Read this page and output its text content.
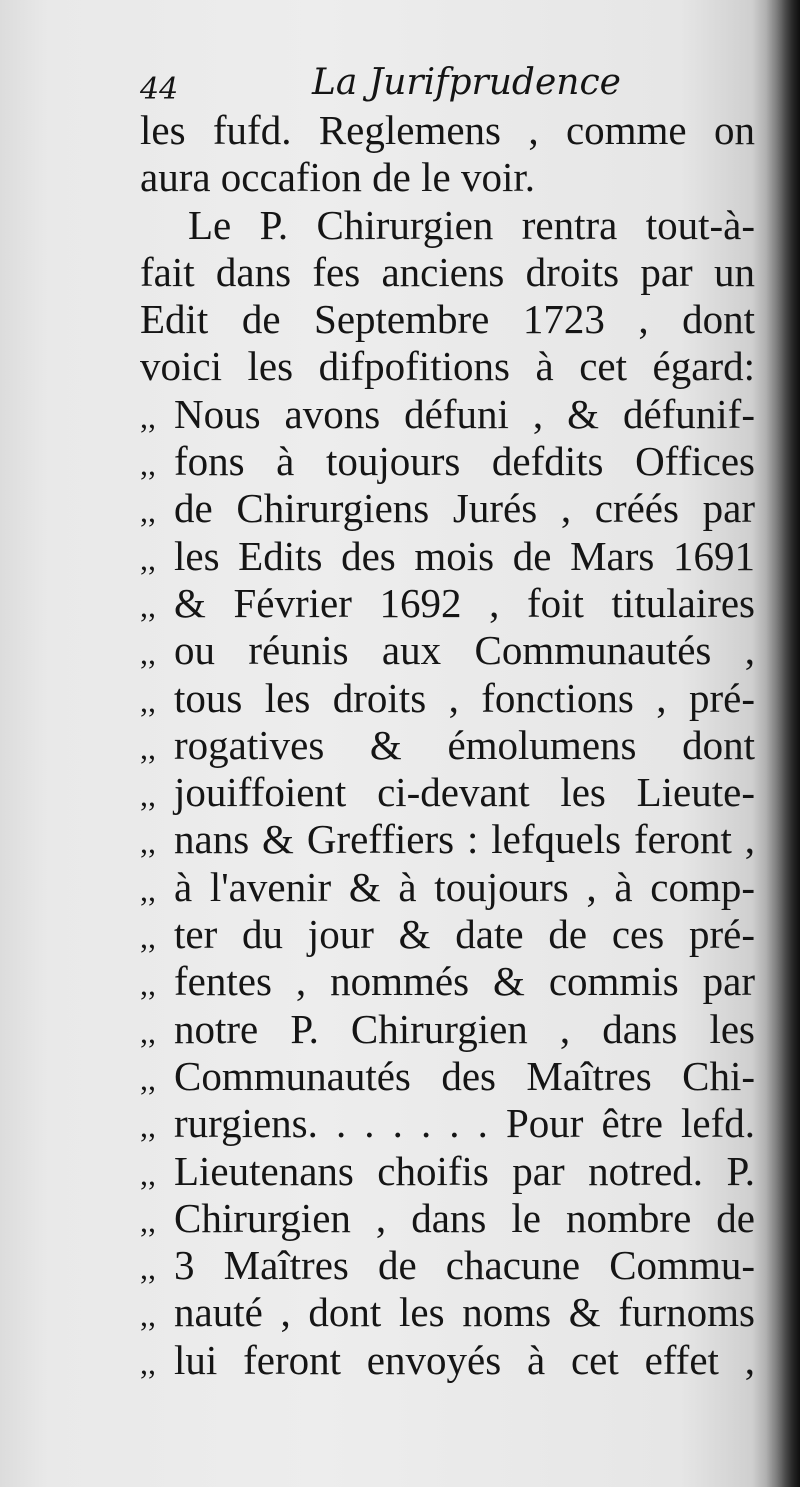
44	La Jurifprudence
les fufd. Reglemens , comme on
aura occafion de le voir.
Le P. Chirurgien rentra tout-à-
fait dans fes anciens droits par un
Edit de Septembre 1723 , dont
voici les difpofitions à cet égard:
,, Nous avons défuni , & défunif-
,, fons à toujours defdits Offices
,, de Chirurgiens Jurés , créés par
,, les Edits des mois de Mars 1691
,, & Février 1692 , foit titulaires
,, ou réunis aux Communautés ,
,, tous les droits , fonctions , pré-
,, rogatives & émolumens dont
,, jouiffoient ci-devant les Lieute-
,, nans & Greffiers : lefquels feront ,
,, à l'avenir & à toujours , à comp-
,, ter du jour & date de ces pré-
,, fentes , nommés & commis par
,, notre P. Chirurgien , dans les
,, Communautés des Maîtres Chi-
,, rurgiens. . . . . . . Pour être lefd.
,, Lieutenans choifis par notred. P.
,, Chirurgien , dans le nombre de
,, 3 Maîtres de chacune Commu-
,, nauté , dont les noms & furnoms
,, lui feront envoyés à cet effet ,
